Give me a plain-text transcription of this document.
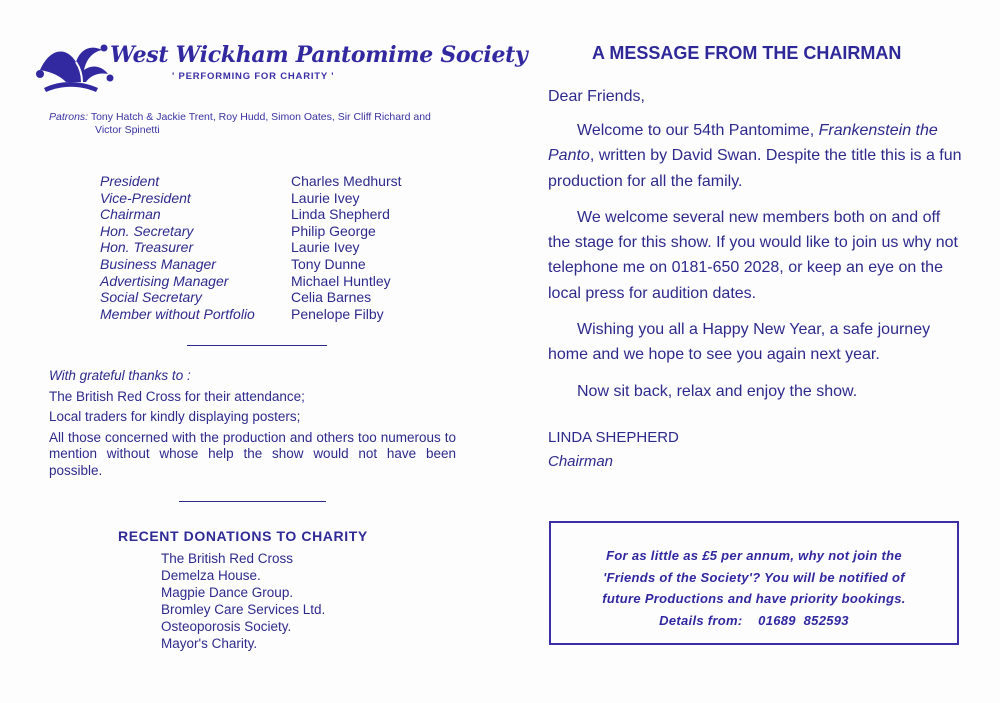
West Wickham Pantomime Society
' PERFORMING FOR CHARITY '
Patrons: Tony Hatch & Jackie Trent, Roy Hudd, Simon Oates, Sir Cliff Richard and
Victor Spinetti
President	Charles Medhurst
Vice-President	Laurie Ivey
Chairman	Linda Shepherd
Hon. Secretary	Philip George
Hon. Treasurer	Laurie Ivey
Business Manager	Tony Dunne
Advertising Manager	Michael Huntley
Social Secretary	Celia Barnes
Member without Portfolio	Penelope Filby
With grateful thanks to :
The British Red Cross for their attendance;
Local traders for kindly displaying posters;
All those concerned with the production and others too numerous to mention without whose help the show would not have been possible.
RECENT DONATIONS TO CHARITY
The British Red Cross
Demelza House.
Magpie Dance Group.
Bromley Care Services Ltd.
Osteoporosis Society.
Mayor's Charity.
A MESSAGE FROM THE CHAIRMAN
Dear Friends,

Welcome to our 54th Pantomime, Frankenstein the Panto, written by David Swan. Despite the title this is a fun production for all the family.

We welcome several new members both on and off the stage for this show. If you would like to join us why not telephone me on 0181-650 2028, or keep an eye on the local press for audition dates.

Wishing you all a Happy New Year, a safe journey home and we hope to see you again next year.

Now sit back, relax and enjoy the show.

LINDA SHEPHERD
Chairman
For as little as £5 per annum, why not join the
'Friends of the Society'? You will be notified of
future Productions and have priority bookings.
Details from:    01689  852593
